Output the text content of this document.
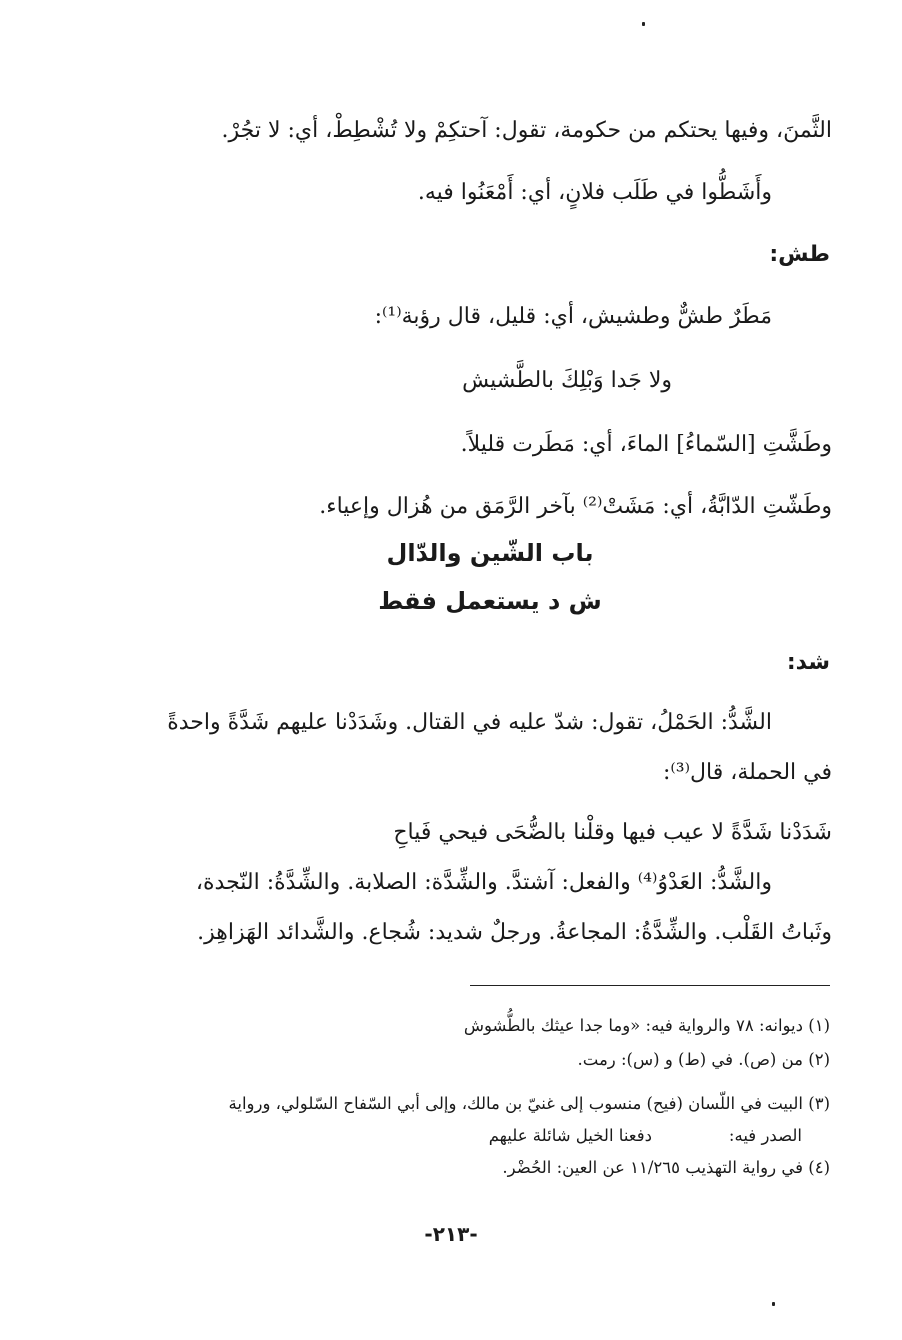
الثَّمنَ، وفيها يحتكم من حكومة، تقول: آحتكِمْ ولا تُشْطِطْ، أي: لا تجُرْ.
وأَشَطُّوا في طَلَب فلانٍ، أي: أَمْعَنُوا فيه.
طش:
مَطَرٌ طشٌّ وطشيش، أي: قليل، قال رؤبة⁽¹⁾:
ولا جَدا وَبْلِكَ بالطَّشيش
وطَشَّتِ [السّماءُ] الماءَ، أي: مَطَرت قليلاً.
وطَشّتِ الدّابَّةُ، أي: مَشَتْ⁽²⁾ بآخر الرَّمَق من هُزال وإعياء.
باب الشّين والدّال
ش د يستعمل فقط
شد:
الشَّدُّ: الحَمْلُ، تقول: شدّ عليه في القتال. وشَدَدْنا عليهم شَدَّةً واحدةً
في الحملة، قال⁽³⁾:
شَدَدْنا شَدَّةً لا عيب فيها وقلْنا بالضُّحَى فيحي فَياحِ
والشَّدُّ: العَدْوُ⁽⁴⁾ والفعل: آشتدَّ. والشِّدَّة: الصلابة. والشِّدَّةُ: النّجدة،
وثَباتُ القَلْب. والشِّدَّةُ: المجاعةُ. ورجلٌ شديد: شُجاع. والشَّدائد الهَزاهِز.
(١) ديوانه: ٧٨ والرواية فيه: «وما جدا عيثك بالطُّشوش
(٢) من (ص). في (ط) و (س): رمت.
(٣) البيت في اللّسان (فيح) منسوب إلى غنيّ بن مالك، وإلى أبي السّفاح السّلولي، ورواية
الصدر فيه:
دفعنا الخيل شائلة عليهم
(٤) في رواية التهذيب ١١/٢٦٥ عن العين: الحُضْر.
-٢١٣-
